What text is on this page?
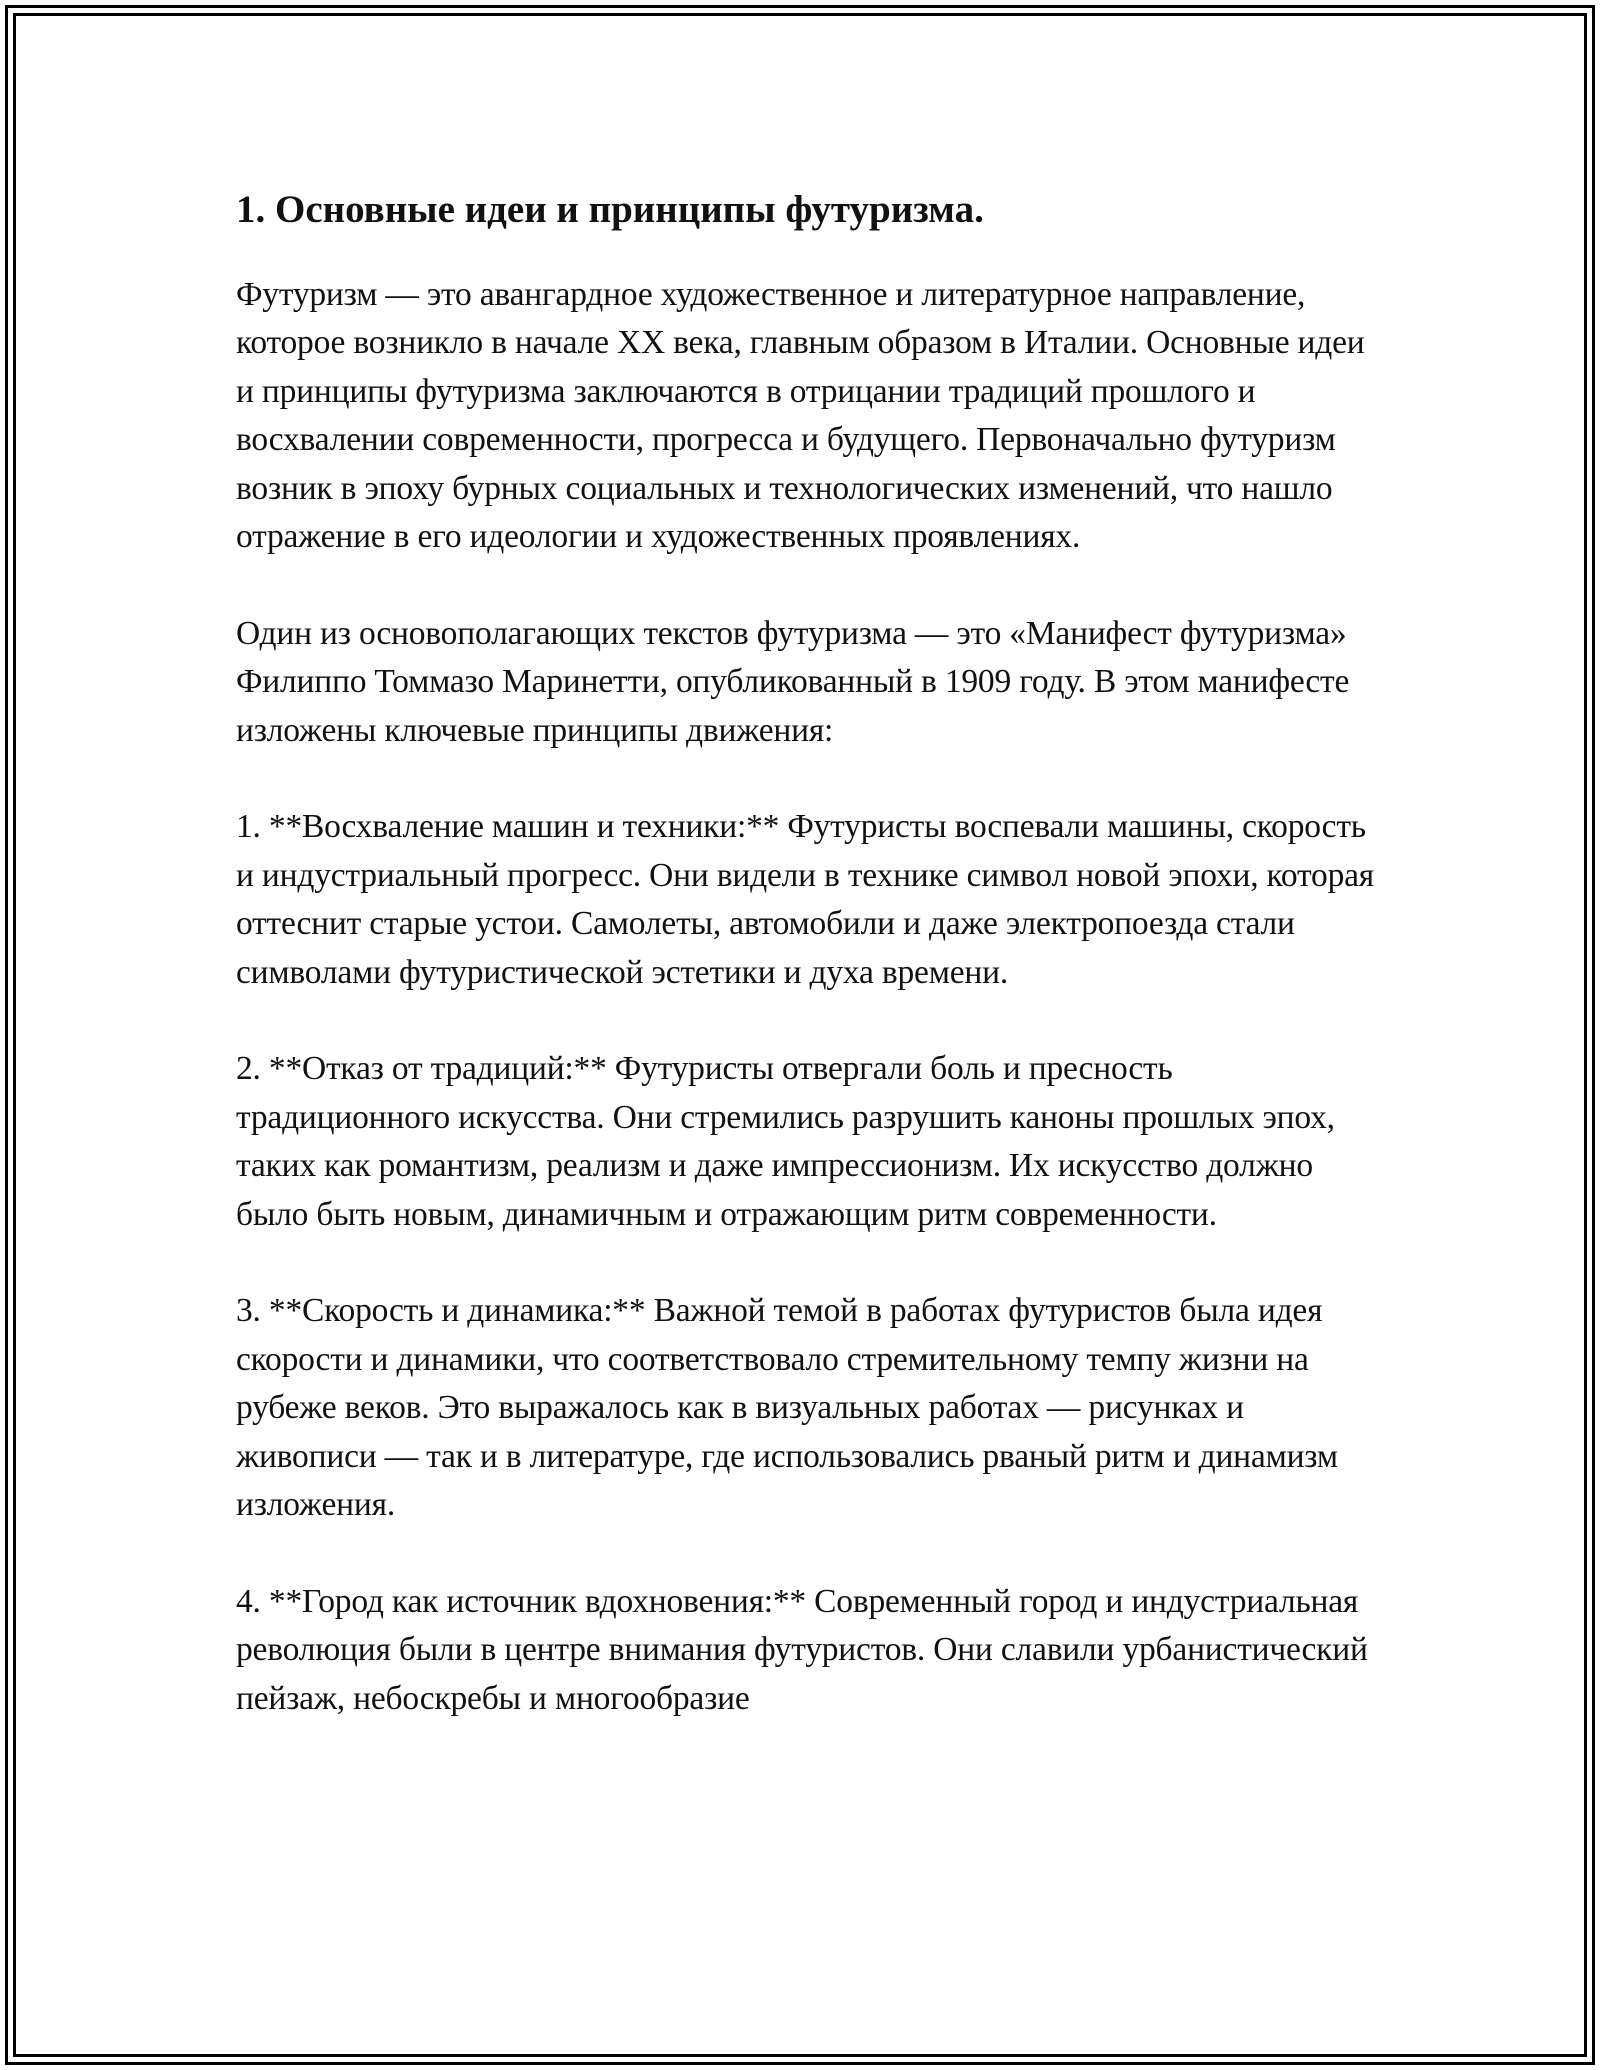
1. Основные идеи и принципы футуризма.

Футуризм — это авангардное художественное и литературное направление, которое возникло в начале XX века, главным образом в Италии. Основные идеи и принципы футуризма заключаются в отрицании традиций прошлого и восхвалении современности, прогресса и будущего. Первоначально футуризм возник в эпоху бурных социальных и технологических изменений, что нашло отражение в его идеологии и художественных проявлениях.

Один из основополагающих текстов футуризма — это «Манифест футуризма» Филиппо Томмазо Маринетти, опубликованный в 1909 году. В этом манифесте изложены ключевые принципы движения:

1. **Восхваление машин и техники:** Футуристы воспевали машины, скорость и индустриальный прогресс. Они видели в технике символ новой эпохи, которая оттеснит старые устои. Самолеты, автомобили и даже электропоезда стали символами футуристической эстетики и духа времени.

2. **Отказ от традиций:** Футуристы отвергали боль и пресность традиционного искусства. Они стремились разрушить каноны прошлых эпох, таких как романтизм, реализм и даже импрессионизм. Их искусство должно было быть новым, динамичным и отражающим ритм современности.

3. **Скорость и динамика:** Важной темой в работах футуристов была идея скорости и динамики, что соответствовало стремительному темпу жизни на рубеже веков. Это выражалось как в визуальных работах — рисунках и живописи — так и в литературе, где использовались рваный ритм и динамизм изложения.

4. **Город как источник вдохновения:** Современный город и индустриальная революция были в центре внимания футуристов. Они славили урбанистический пейзаж, небоскребы и многообразие
